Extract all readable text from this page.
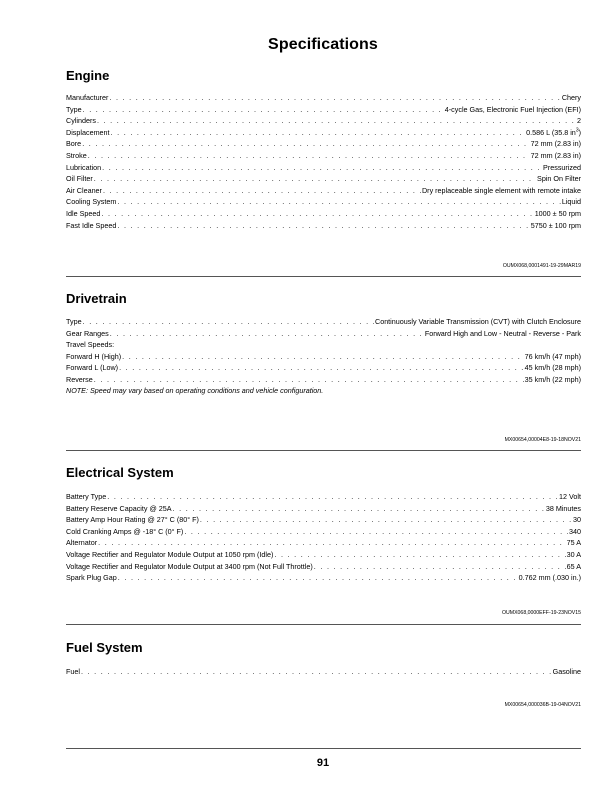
Specifications
Engine
Manufacturer . . .	Chery
Type . . .	4-cycle Gas, Electronic Fuel Injection (EFI)
Cylinders . . .	2
Displacement . . .	0.586 L (35.8 $in^3$)
Bore . . .	72 mm (2.83 in)
Stroke . . .	72 mm (2.83 in)
Lubrication . . .	Pressurized
Oil Filter . . .	Spin On Filter
Air Cleaner . . .	Dry replaceable single element with remote intake
Cooling System . . .	Liquid
Idle Speed . . .	1000 ± 50 rpm
Fast Idle Speed . . .	5750 ± 100 rpm
OUMX068,0001491-19-29MAR19
Drivetrain
Type . . .	Continuously Variable Transmission (CVT) with Clutch Enclosure
Gear Ranges . . .	Forward High and Low - Neutral - Reverse - Park
Travel Speeds:
Forward H (High) . . .	76 km/h (47 mph)
Forward L (Low) . . .	45 km/h (28 mph)
Reverse . . .	35 km/h (22 mph)
NOTE: Speed may vary based on operating conditions and vehicle configuration.
MX00654,00004E8-19-18NOV21
Electrical System
Battery Type . . .	12 Volt
Battery Reserve Capacity @ 25A . . .	38 Minutes
Battery Amp Hour Rating @ 27° C (80° F) . . .	30
Cold Cranking Amps @ -18° C (0° F) . . .	340
Alternator . . .	75 A
Voltage Rectifier and Regulator Module Output at 1050 rpm (Idle) . . .	30 A
Voltage Rectifier and Regulator Module Output at 3400 rpm (Not Full Throttle) . . .	65 A
Spark Plug Gap . . .	0.762 mm (.030 in.)
OUMX068,0000EFF-19-23NOV15
Fuel System
Fuel . . .	Gasoline
MX00654,000036B-19-04NOV21
91
